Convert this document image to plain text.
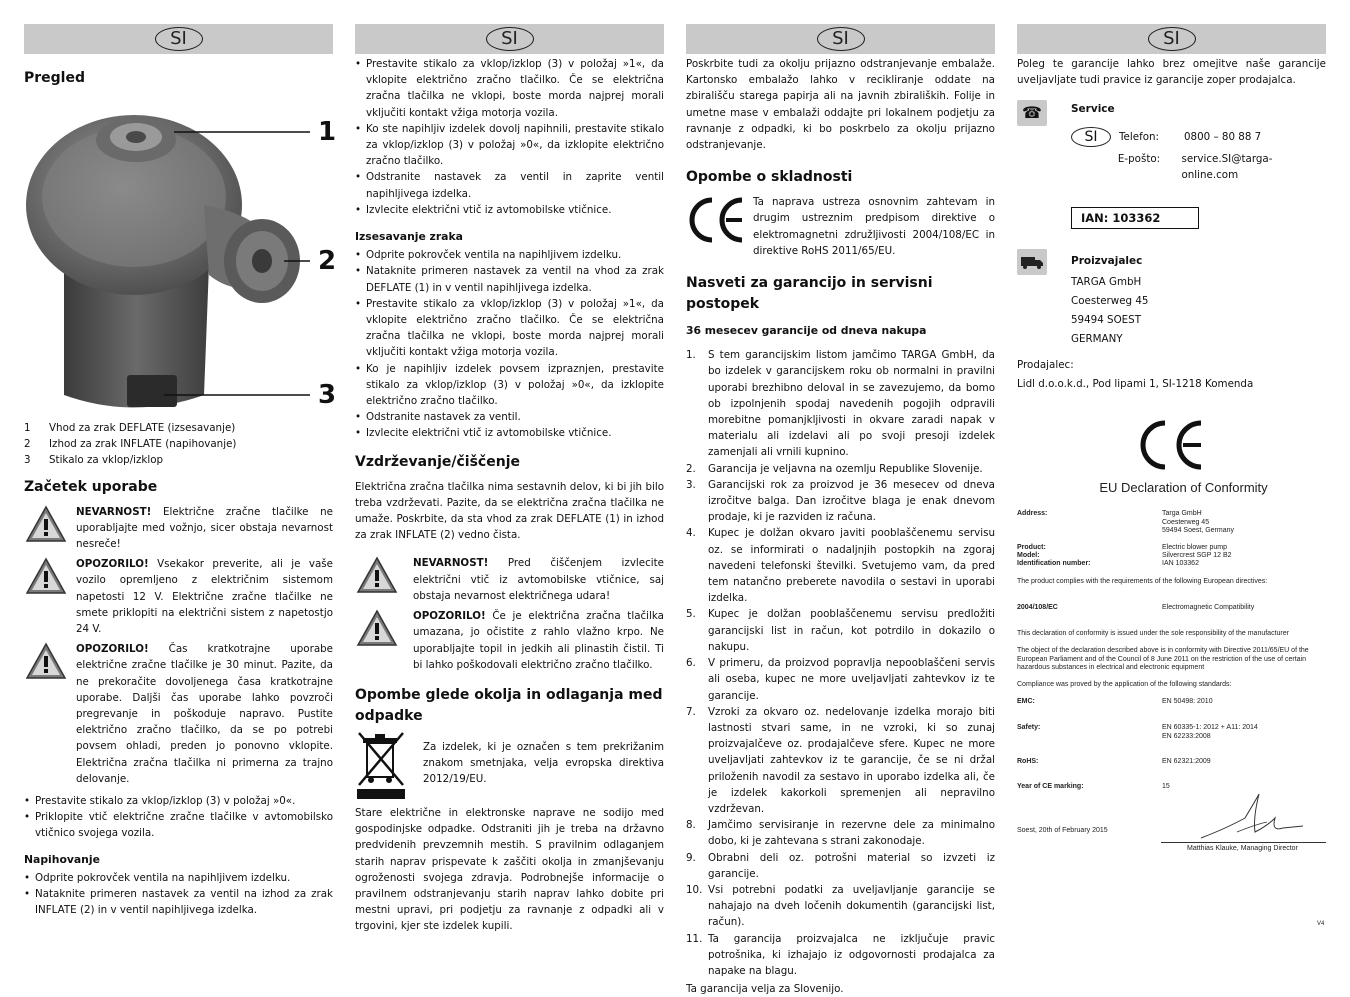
SI
Pregled
1
2
3
1	Vhod za zrak DEFLATE (izsesavanje)
2	Izhod za zrak INFLATE (napihovanje)
3	Stikalo za vklop/izklop
Začetek uporabe

NEVARNOST! Električne zračne tlačilke ne uporabljajte med vožnjo, sicer obstaja nevarnost nesreče!

OPOZORILO! Vsekakor preverite, ali je vaše vozilo opremljeno z električnim sistemom napetosti 12 V. Električne zračne tlačilke ne smete priklopiti na električni sistem z napetostjo 24 V.

OPOZORILO! Čas kratkotrajne uporabe električne zračne tlačilke je 30 minut. Pazite, da ne prekoračite dovoljenega časa kratkotrajne uporabe. Daljši čas uporabe lahko povzroči pregrevanje in poškoduje napravo. Pustite električno zračno tlačilko, da se po potrebi povsem ohladi, preden jo ponovno vklopite. Električna zračna tlačilka ni primerna za trajno delovanje.

• Prestavite stikalo za vklop/izklop (3) v položaj »0«.
• Priklopite vtič električne zračne tlačilke v avtomobilsko vtičnico svojega vozila.
Napihovanje
• Odprite pokrovček ventila na napihljivem izdelku.
• Nataknite primeren nastavek za ventil na izhod za zrak INFLATE (2) in v ventil napihljivega izdelka.
SI
• Prestavite stikalo za vklop/izklop (3) v položaj »1«, da vklopite električno zračno tlačilko. Če se električna zračna tlačilka ne vklopi, boste morda najprej morali vključiti kontakt vžiga motorja vozila.
• Ko ste napihljiv izdelek dovolj napihnili, prestavite stikalo za vklop/izklop (3) v položaj »0«, da izklopite električno zračno tlačilko.
• Odstranite nastavek za ventil in zaprite ventil napihljivega izdelka.
• Izvlecite električni vtič iz avtomobilske vtičnice.
Izsesavanje zraka
• Odprite pokrovček ventila na napihljivem izdelku.
• Nataknite primeren nastavek za ventil na vhod za zrak DEFLATE (1) in v ventil napihljivega izdelka.
• Prestavite stikalo za vklop/izklop (3) v položaj »1«, da vklopite električno zračno tlačilko. Če se električna zračna tlačilka ne vklopi, boste morda najprej morali vključiti kontakt vžiga motorja vozila.
• Ko je napihljiv izdelek povsem izpraznjen, prestavite stikalo za vklop/izklop (3) v položaj »0«, da izklopite električno zračno tlačilko.
• Odstranite nastavek za ventil.
• Izvlecite električni vtič iz avtomobilske vtičnice.
Vzdrževanje/čiščenje

Električna zračna tlačilka nima sestavnih delov, ki bi jih bilo treba vzdrževati. Pazite, da se električna zračna tlačilka ne umaže. Poskrbite, da sta vhod za zrak DEFLATE (1) in izhod za zrak INFLATE (2) vedno čista.

NEVARNOST! Pred čiščenjem izvlecite električni vtič iz avtomobilske vtičnice, saj obstaja nevarnost električnega udara!

OPOZORILO! Če je električna zračna tlačilka umazana, jo očistite z rahlo vlažno krpo. Ne uporabljajte topil in jedkih ali plinastih čistil. Ti bi lahko poškodovali električno zračno tlačilko.

Opombe glede okolja in odlaganja med odpadke

Za izdelek, ki je označen s tem prekrižanim znakom smetnjaka, velja evropska direktiva 2012/19/EU.

Stare električne in elektronske naprave ne sodijo med gospodinjske odpadke. Odstraniti jih je treba na državno predvidenih prevzemnih mestih. S pravilnim odlaganjem starih naprav prispevate k zaščiti okolja in zmanjševanju ogroženosti svojega zdravja. Podrobnejše informacije o pravilnem odstranjevanju starih naprav lahko dobite pri mestni upravi, pri podjetju za ravnanje z odpadki ali v trgovini, kjer ste izdelek kupili.

SI

Poskrbite tudi za okolju prijazno odstranjevanje embalaže. Kartonsko embalažo lahko v recikliranje oddate na zbirališču starega papirja ali na javnih zbiraliških. Folije in umetne mase v embalaži oddajte pri lokalnem podjetju za ravnanje z odpadki, ki bo poskrbelo za okolju prijazno odstranjevanje.

Opombe o skladnosti

Ta naprava ustreza osnovnim zahtevam in drugim ustreznim predpisom direktive o elektromagnetni združljivosti 2004/108/EC in direktive RoHS 2011/65/EU.

Nasveti za garancijo in servisni postopek
36 mesecev garancije od dneva nakupa
1. S tem garancijskim listom jamčimo TARGA GmbH, da bo izdelek v garancijskem roku ob normalni in pravilni uporabi brezhibno deloval in se zavezujemo, da bomo ob izpolnjenih spodaj navedenih pogojih odpravili morebitne pomanjkljivosti in okvare zaradi napak v materialu ali izdelavi ali po svoji presoji izdelek zamenjali ali vrnili kupnino.
2. Garancija je veljavna na ozemlju Republike Slovenije.
3. Garancijski rok za proizvod je 36 mesecev od dneva izročitve balga. Dan izročitve blaga je enak dnevom prodaje, ki je razviden iz računa.
4. Kupec je dolžan okvaro javiti pooblaščenemu servisu oz. se informirati o nadaljnjih postopkih na zgoraj navedeni telefonski številki. Svetujemo vam, da pred tem natančno preberete navodila o sestavi in uporabi izdelka.
5. Kupec je dolžan pooblaščenemu servisu predložiti garancijski list in račun, kot potrdilo in dokazilo o nakupu.
6. V primeru, da proizvod popravlja nepooblaščeni servis ali oseba, kupec ne more uveljavljati zahtevkov iz te garancije.
7. Vzroki za okvaro oz. nedelovanje izdelka morajo biti lastnosti stvari same, in ne vzroki, ki so zunaj proizvajalčeve oz. prodajalčeve sfere. Kupec ne more uveljavljati zahtevkov iz te garancije, če se ni držal priloženih navodil za sestavo in uporabo izdelka ali, če je izdelek kakorkoli spremenjen ali nepravilno vzdrževan.
8. Jamčimo servisiranje in rezervne dele za minimalno dobo, ki je zahtevana s strani zakonodaje.
9. Obrabni deli oz. potrošni material so izvzeti iz garancije.
10. Vsi potrebni podatki za uveljavljanje garancije se nahajajo na dveh ločenih dokumentih (garancijski list, račun).
11. Ta garancija proizvajalca ne izključuje pravic potrošnika, ki izhajajo iz odgovornosti prodajalca za napake na blagu.

Ta garancija velja za Slovenijo.

SI

Poleg te garancije lahko brez omejitve naše garancije uveljavljate tudi pravice iz garancije zoper prodajalca.

☎	Service
SI	Telefon:	0800 – 80 88 7
E-pošto:	service.SI@targa-online.com
IAN: 103362
Proizvajalec
TARGA GmbH
Coesterweg 45
59494 SOEST
GERMANY
Prodajalec:
Lidl d.o.o.k.d., Pod lipami 1, SI-1218 Komenda
EU Declaration of Conformity
Address:	Targa GmbH
Coesterweg 45
59494 Soest, Germany
Product:	Electric blower pump
Model:	Silvercrest SGP 12 B2
Identification number:	IAN 103362
The product complies with the requirements of the following European directives:
2004/108/EC	Electromagnetic Compatibility
This declaration of conformity is issued under the sole responsibility of the manufacturer
The object of the declaration described above is in conformity with Directive 2011/65/EU of the European Parliament and of the Council of 8 June 2011 on the restriction of the use of certain hazardous substances in electrical and electronic equipment
Compliance was proved by the application of the following standards:
EMC:	EN 50498: 2010
Safety:	EN 60335-1: 2012 + A11: 2014
EN 62233:2008
RoHS:	EN 62321:2009
Year of CE marking:	15
Soest, 20th of February 2015
Matthias Klauke, Managing Director
V4
